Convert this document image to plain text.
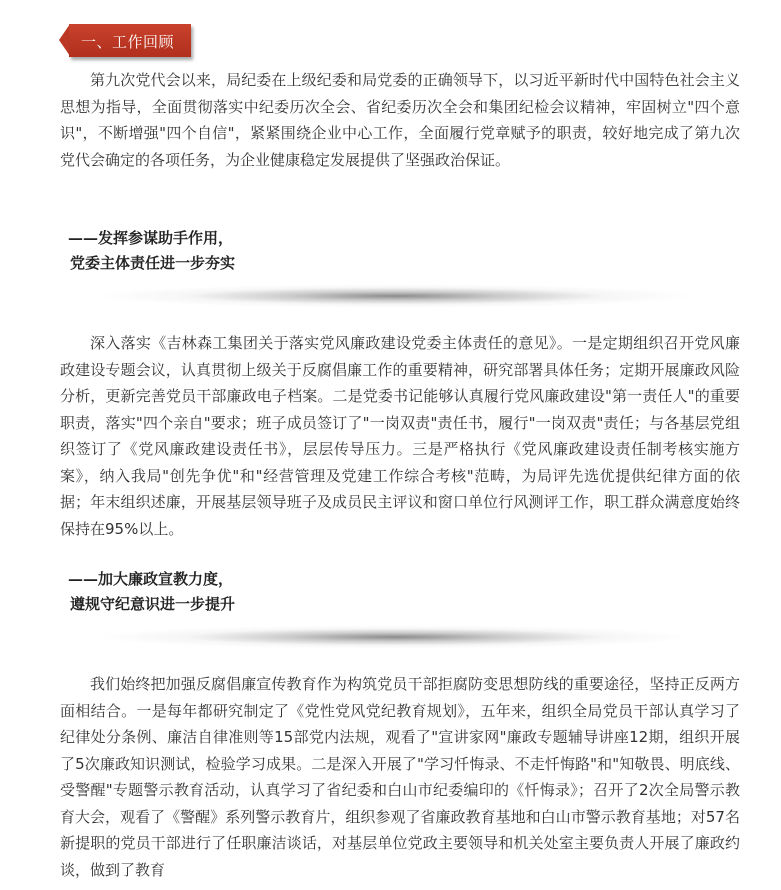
一、工作回顾

第九次党代会以来，局纪委在上级纪委和局党委的正确领导下，以习近平新时代中国特色社会主义思想为指导，全面贯彻落实中纪委历次全会、省纪委历次全会和集团纪检会议精神，牢固树立"四个意识"，不断增强"四个自信"，紧紧围绕企业中心工作，全面履行党章赋予的职责，较好地完成了第九次党代会确定的各项任务，为企业健康稳定发展提供了坚强政治保证。

——发挥参谋助手作用，
党委主体责任进一步夯实

深入落实《吉林森工集团关于落实党风廉政建设党委主体责任的意见》。一是定期组织召开党风廉政建设专题会议，认真贯彻上级关于反腐倡廉工作的重要精神，研究部署具体任务；定期开展廉政风险分析，更新完善党员干部廉政电子档案。二是党委书记能够认真履行党风廉政建设"第一责任人"的重要职责，落实"四个亲自"要求；班子成员签订了"一岗双责"责任书，履行"一岗双责"责任；与各基层党组织签订了《党风廉政建设责任书》，层层传导压力。三是严格执行《党风廉政建设责任制考核实施方案》，纳入我局"创先争优"和"经营管理及党建工作综合考核"范畴，为局评先选优提供纪律方面的依据；年末组织述廉，开展基层领导班子及成员民主评议和窗口单位行风测评工作，职工群众满意度始终保持在95%以上。

——加大廉政宣教力度，
遵规守纪意识进一步提升

我们始终把加强反腐倡廉宣传教育作为构筑党员干部拒腐防变思想防线的重要途径，坚持正反两方面相结合。一是每年都研究制定了《党性党风党纪教育规划》，五年来，组织全局党员干部认真学习了纪律处分条例、廉洁自律准则等15部党内法规，观看了"宣讲家网"廉政专题辅导讲座12期，组织开展了5次廉政知识测试，检验学习成果。二是深入开展了"学习忏悔录、不走忏悔路"和"知敬畏、明底线、受警醒"专题警示教育活动，认真学习了省纪委和白山市纪委编印的《忏悔录》；召开了2次全局警示教育大会，观看了《警醒》系列警示教育片，组织参观了省廉政教育基地和白山市警示教育基地；对57名新提职的党员干部进行了任职廉洁谈话，对基层单位党政主要领导和机关处室主要负责人开展了廉政约谈，做到了教育
